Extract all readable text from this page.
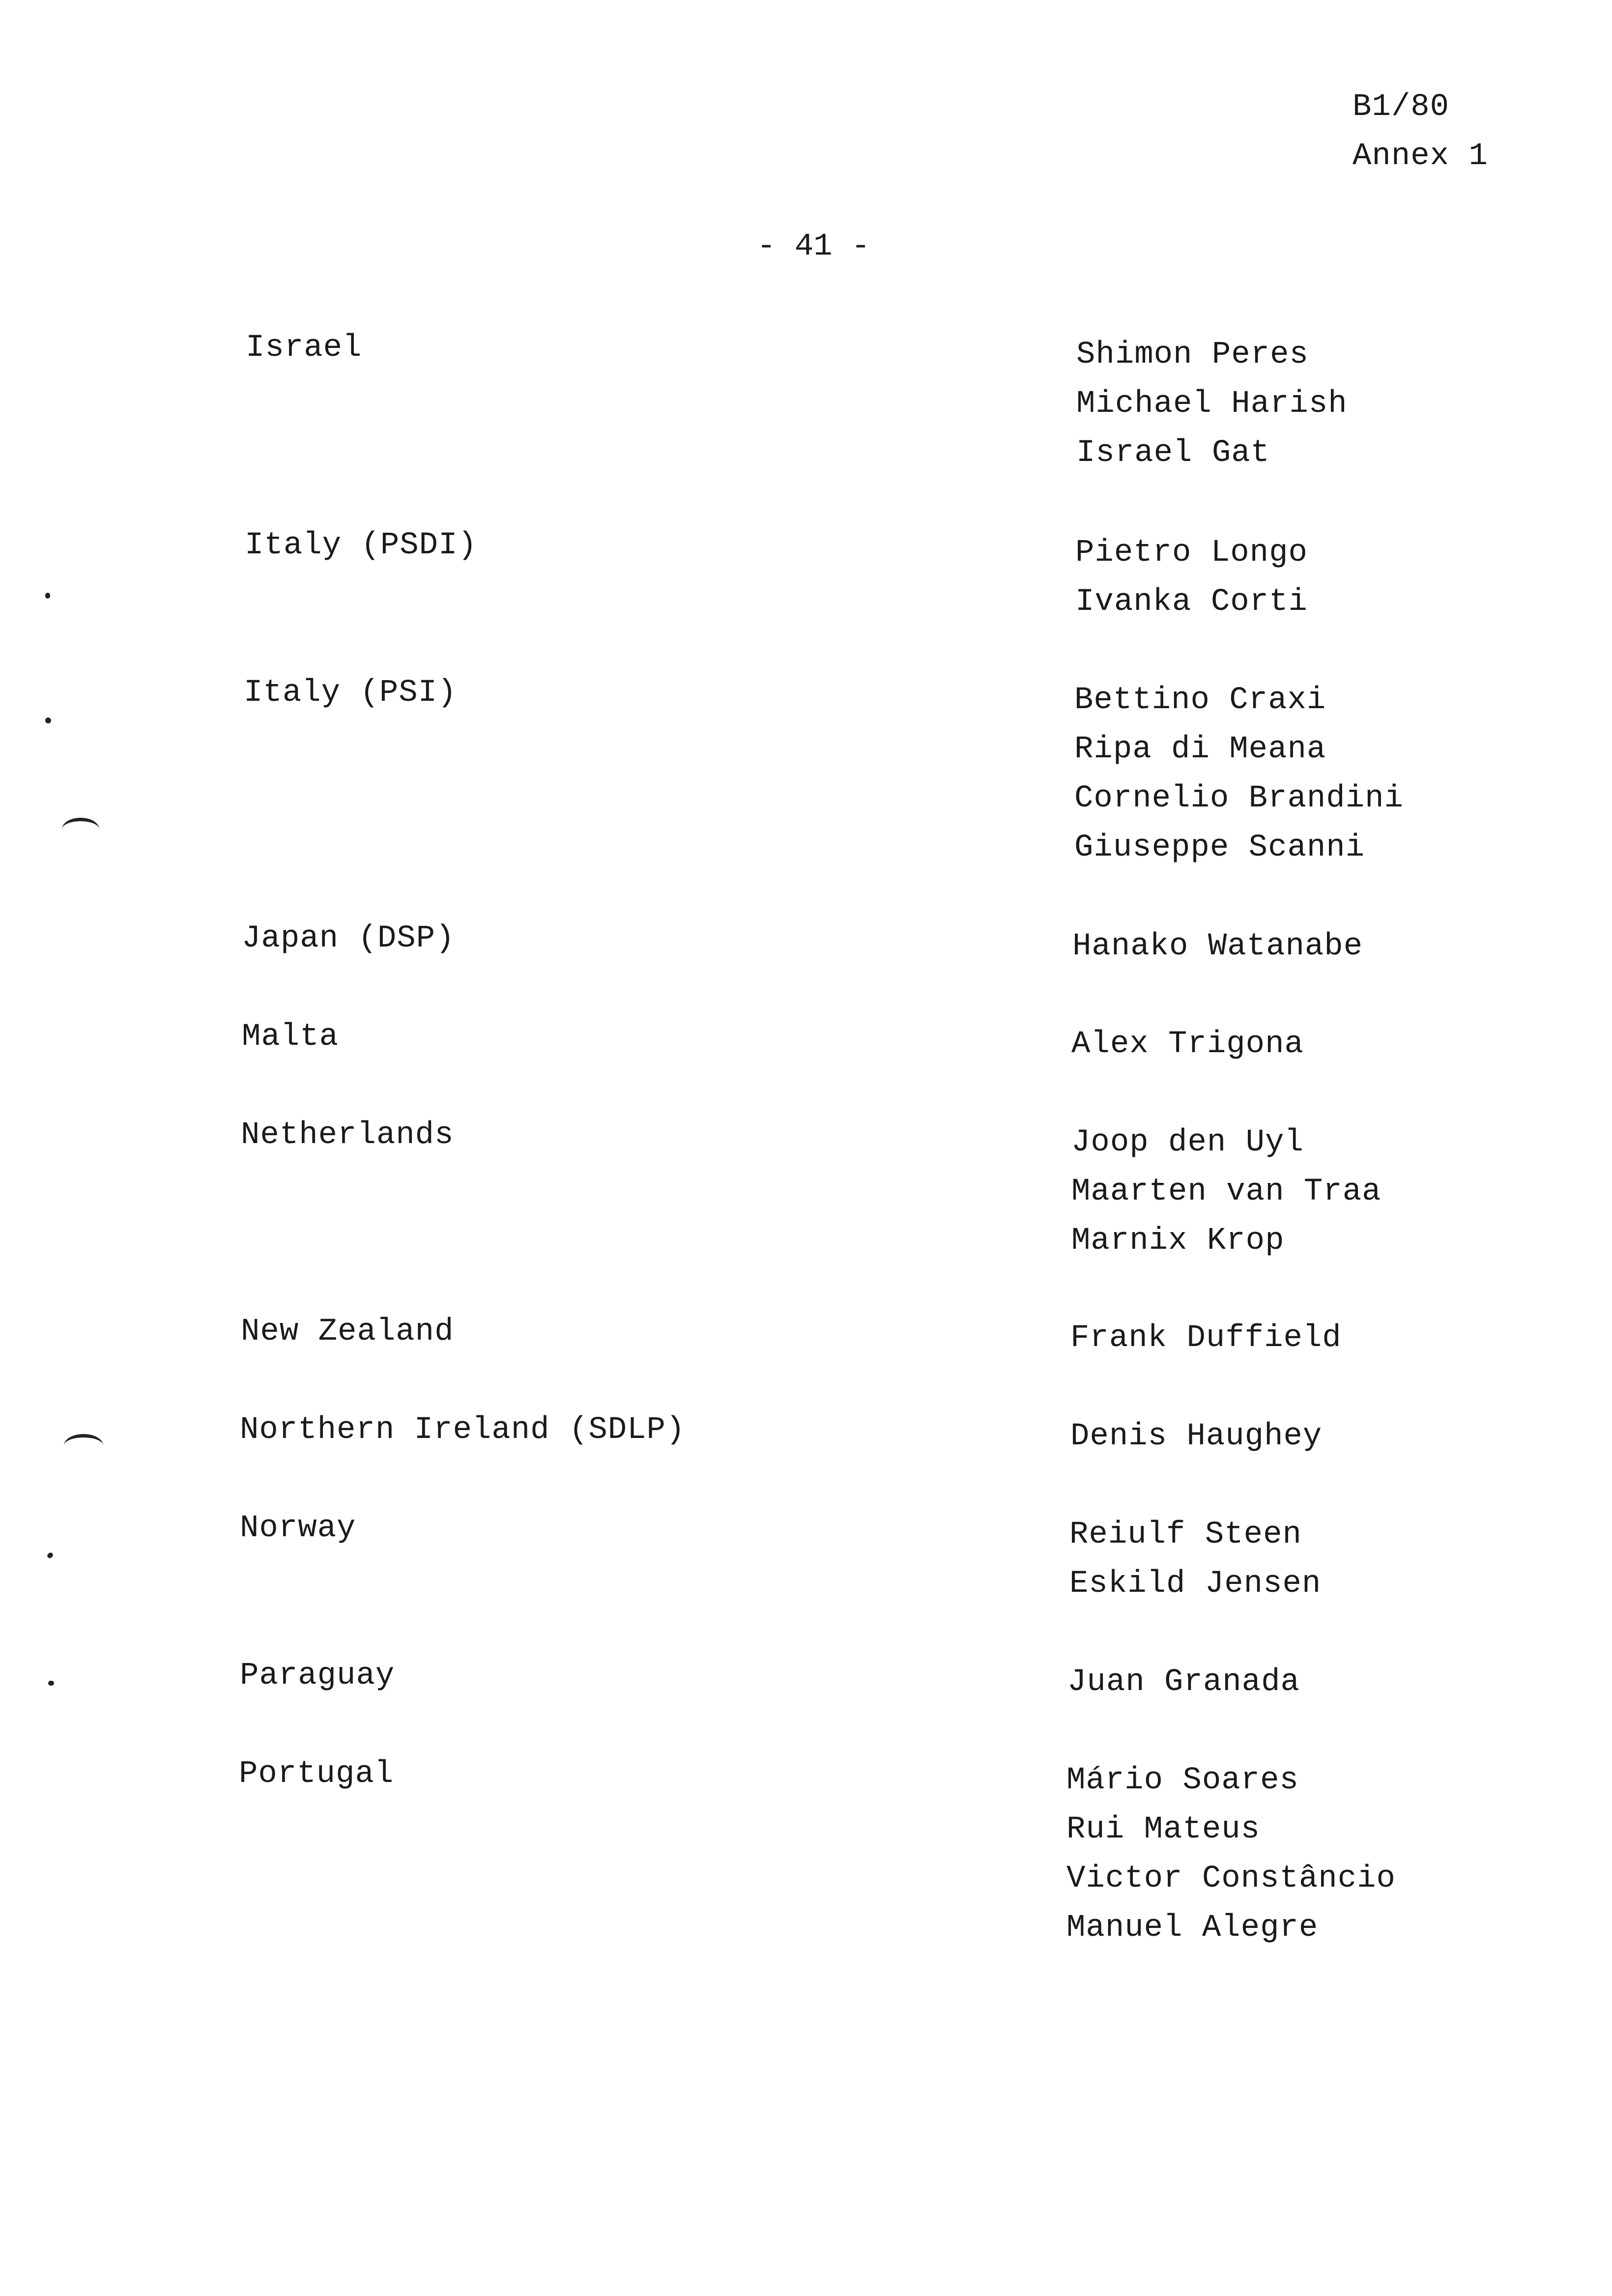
B1/80
Annex 1
- 41 -
Israel	Shimon Peres
Michael Harish
Israel Gat
Italy (PSDI)	Pietro Longo
Ivanka Corti
Italy (PSI)	Bettino Craxi
Ripa di Meana
Cornelio Brandini
Giuseppe Scanni
Japan (DSP)	Hanako Watanabe
Malta	Alex Trigona
Netherlands	Joop den Uyl
Maarten van Traa
Marnix Krop
New Zealand	Frank Duffield
Northern Ireland (SDLP)	Denis Haughey
Norway	Reiulf Steen
Eskild Jensen
Paraguay	Juan Granada
Portugal	Mário Soares
Rui Mateus
Victor Constâncio
Manuel Alegre
